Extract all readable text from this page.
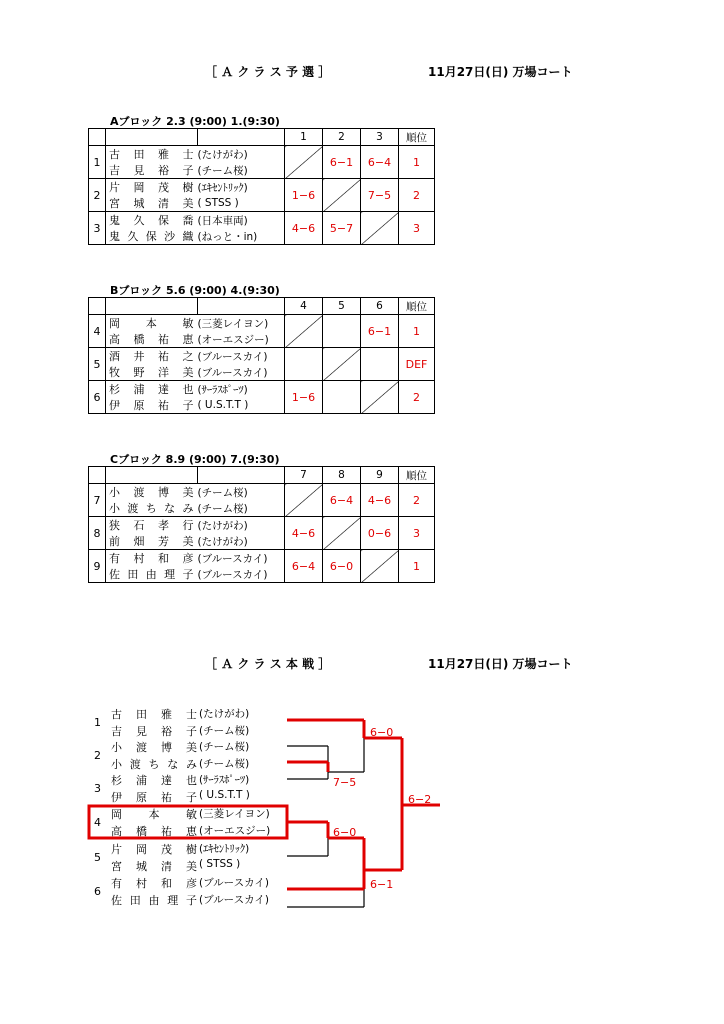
［ Ａ ク ラ ス 予 選 ］	11月27日(日) 万場コート
Aブロック 2.3 (9:00) 1.(9:30)
			1	2	3	順位
1	古 田 雅 士	(たけがわ)		6−1	6−4	1

	吉 見 裕 子	(チーム桜)				
2	片 岡 茂 樹	(ｴｷｾﾝﾄﾘｯｸ)	1−6		7−5	2

	宮 城 清 美	( STSS )				
3	鬼 久 保 喬	(日本車両)	4−6	5−7		3

	鬼 久 保 沙 織	(ねっと・in)				
Bブロック 5.6 (9:00) 4.(9:30)
			4	5	6	順位
4	岡 本 敏	(三菱レイヨン)			6−1	1

	高 橋 祐 恵	(オーエスジー)				
5	酒 井 祐 之	(ブルースカイ)				DEF

	牧 野 洋 美	(ブルースカイ)				
6	杉 浦 達 也	(ｻｰﾗｽﾎﾟｰﾂ)	1−6			2

	伊 原 祐 子	( U.S.T.T )				
Cブロック 8.9 (9:00) 7.(9:30)
			7	8	9	順位
7	小 渡 博 美	(チーム桜)		6−4	4−6	2

	小 渡 ち な み	(チーム桜)				
8	狭 石 孝 行	(たけがわ)	4−6		0−6	3

	前 畑 芳 美	(たけがわ)				
9	有 村 和 彦	(ブルースカイ)	6−4	6−0		1

	佐 田 由 理 子	(ブルースカイ)				
［ Ａ ク ラ ス 本 戦 ］	11月27日(日) 万場コート
1
古 田 雅 士 (たけがわ)
吉 見 裕 子 (チーム桜)
2
小 渡 博 美 (チーム桜)
小 渡 ち な み (チーム桜)
3
杉 浦 達 也 (ｻｰﾗｽﾎﾟｰﾂ)
伊 原 祐 子 ( U.S.T.T )
4
岡 本 敏 (三菱レイヨン)
高 橋 祐 恵 (オーエスジー)
5
片 岡 茂 樹 (ｴｷｾﾝﾄﾘｯｸ)
宮 城 清 美 ( STSS )
6
有 村 和 彦 (ブルースカイ)
佐 田 由 理 子 (ブルースカイ)
6−0
7−5
6−0
6−1
6−2
